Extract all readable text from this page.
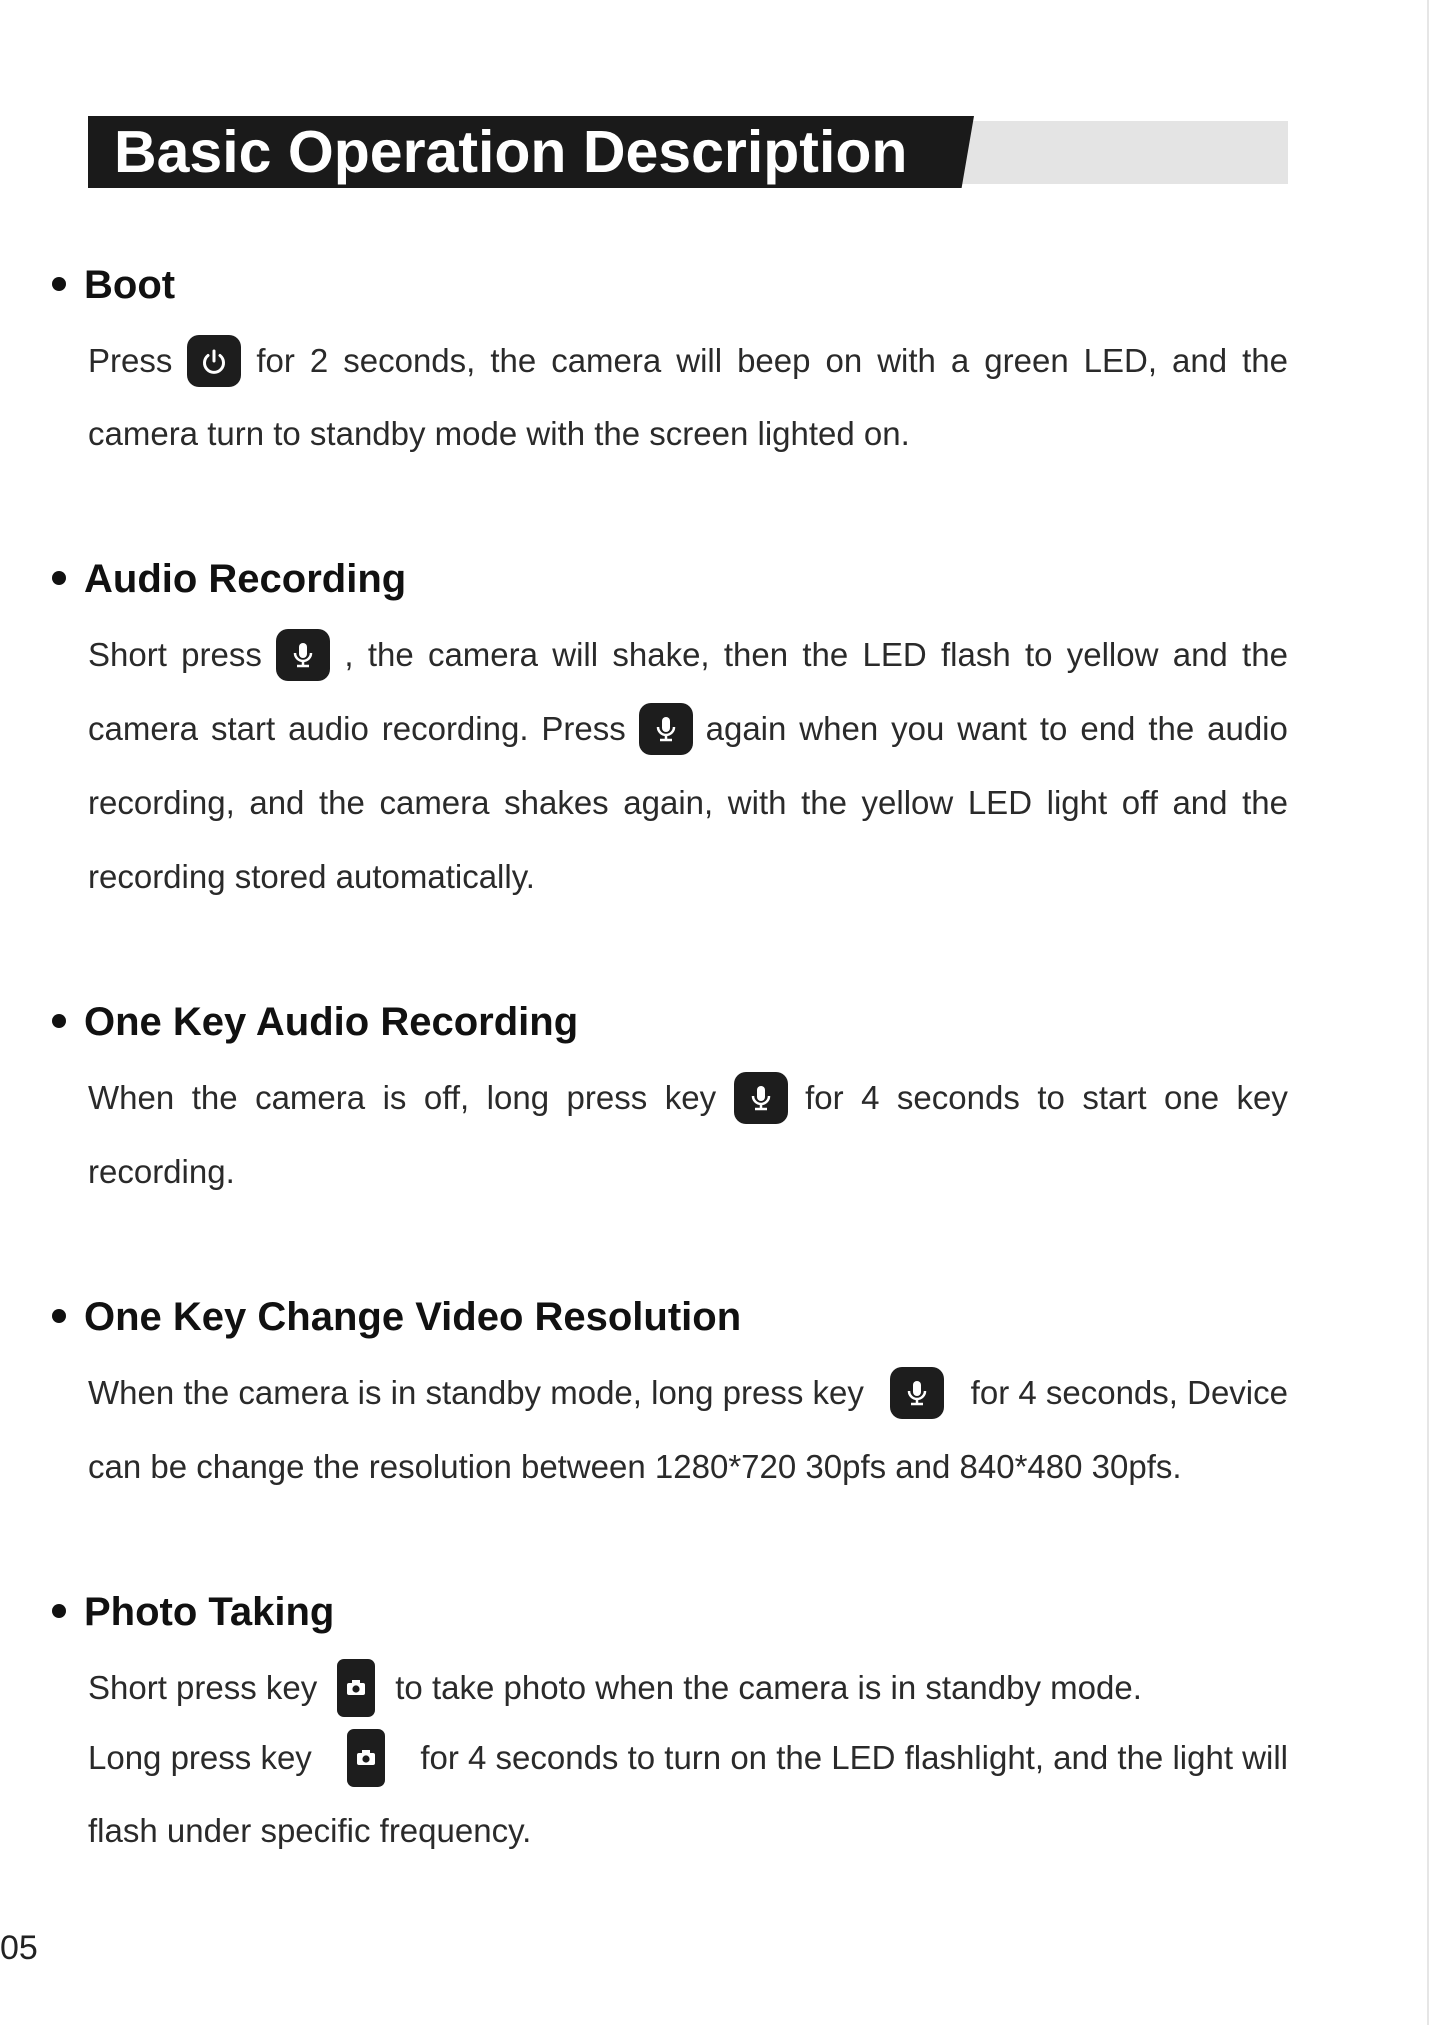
Basic Operation Description
Boot
Press	for 2 seconds, the camera will beep on with a green LED, and the
camera turn to standby mode with the screen lighted on.
Audio Recording
Short press	, the camera will shake, then the LED flash to yellow and the
camera start audio recording. Press again when you want to end the audio
recording, and the camera shakes again, with the yellow LED light off and the
recording stored automatically.
One Key Audio Recording
When the camera is off, long press key	for 4 seconds to start one key
recording.
One Key Change Video Resolution
When the camera is in standby mode, long press key	for 4 seconds, Device
can be change the resolution between 1280*720 30pfs and 840*480 30pfs.
Photo Taking
Short press key to take photo when the camera is in standby mode.
Long press key	for 4 seconds to turn on the LED flashlight, and the light will
flash under specific frequency.
05
